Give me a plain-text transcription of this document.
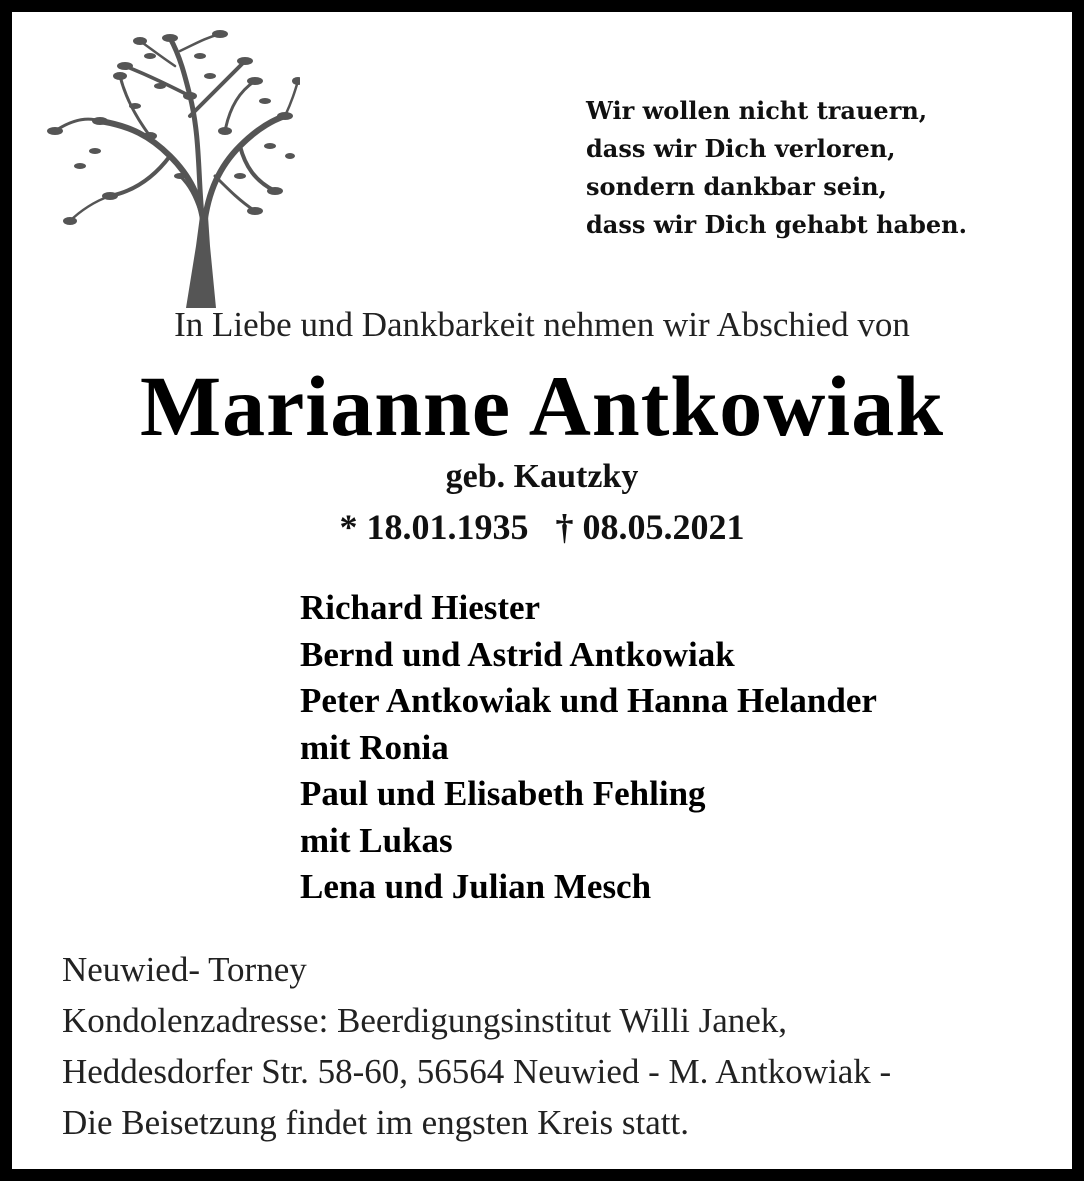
Wir wollen nicht trauern,
dass wir Dich verloren,
sondern dankbar sein,
dass wir Dich gehabt haben.
In Liebe und Dankbarkeit nehmen wir Abschied von
Marianne Antkowiak
geb. Kautzky
* 18.01.1935   † 08.05.2021
Richard Hiester
Bernd und Astrid Antkowiak
Peter Antkowiak und Hanna Helander
mit Ronia
Paul und Elisabeth Fehling
mit Lukas
Lena und Julian Mesch
Neuwied- Torney
Kondolenzadresse: Beerdigungsinstitut Willi Janek,
Heddesdorfer Str. 58-60, 56564 Neuwied - M. Antkowiak -
Die Beisetzung findet im engsten Kreis statt.
